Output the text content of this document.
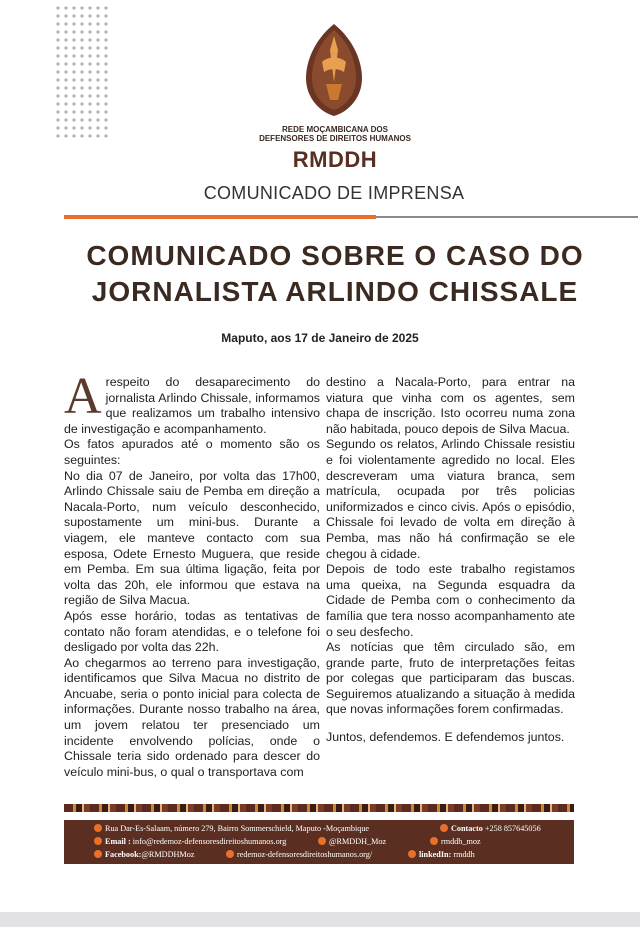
REDE MOÇAMBICANA DOS
DEFENSORES DE DIREITOS HUMANOS
RMDDH
COMUNICADO DE IMPRENSA
COMUNICADO SOBRE O CASO DO
JORNALISTA ARLINDO CHISSALE
Maputo, aos 17 de Janeiro de 2025

Arespeito do desaparecimento do jornalista Arlindo Chissale, informamos que realizamos um trabalho intensivo de investigação e acompanhamento.

Os fatos apurados até o momento são os seguintes:

No dia 07 de Janeiro, por volta das 17h00, Arlindo Chissale saiu de Pemba em direção a Nacala-Porto, num veículo desconhecido, supostamente um mini-bus. Durante a viagem, ele manteve contacto com sua esposa, Odete Ernesto Muguera, que reside em Pemba. Em sua última ligação, feita por volta das 20h, ele informou que estava na região de Silva Macua.

Após esse horário, todas as tentativas de contato não foram atendidas, e o telefone foi desligado por volta das 22h.

Ao chegarmos ao terreno para investigação, identificamos que Silva Macua no distrito de Ancuabe, seria o ponto inicial para colecta de informações. Durante nosso trabalho na área, um jovem relatou ter presenciado um incidente envolvendo polícias, onde o Chissale teria sido ordenado para descer do veículo mini-bus, o qual o transportava com

destino a Nacala-Porto, para entrar na viatura que vinha com os agentes, sem chapa de inscrição. Isto ocorreu numa zona não habitada, pouco depois de Silva Macua.

Segundo os relatos, Arlindo Chissale resistiu e foi violentamente agredido no local. Eles descreveram uma viatura branca, sem matrícula, ocupada por três policias uniformizados e cinco civis. Após o episódio, Chissale foi levado de volta em direção à Pemba, mas não há confirmação se ele chegou à cidade.

Depois de todo este trabalho registamos uma queixa, na Segunda esquadra da Cidade de Pemba com o conhecimento da família que tera nosso acompanhamento ate o seu desfecho.

As notícias que têm circulado são, em grande parte, fruto de interpretações feitas por colegas que participaram das buscas. Seguiremos atualizando a situação à medida que novas informações forem confirmadas.

Juntos, defendemos. E defendemos juntos.

Rua Dar-Es-Salaam, número 279, Bairro Sommerschield, Maputo -Moçambique	Contacto +258 857645056
Email : info@redemoz-defensoresdireitoshumanos.org	@RMDDH_Moz	rmddh_moz
Facebook:@RMDDHMoz	redemoz-defensoresdireitoshumanos.org/	linkedIn: rmddh
